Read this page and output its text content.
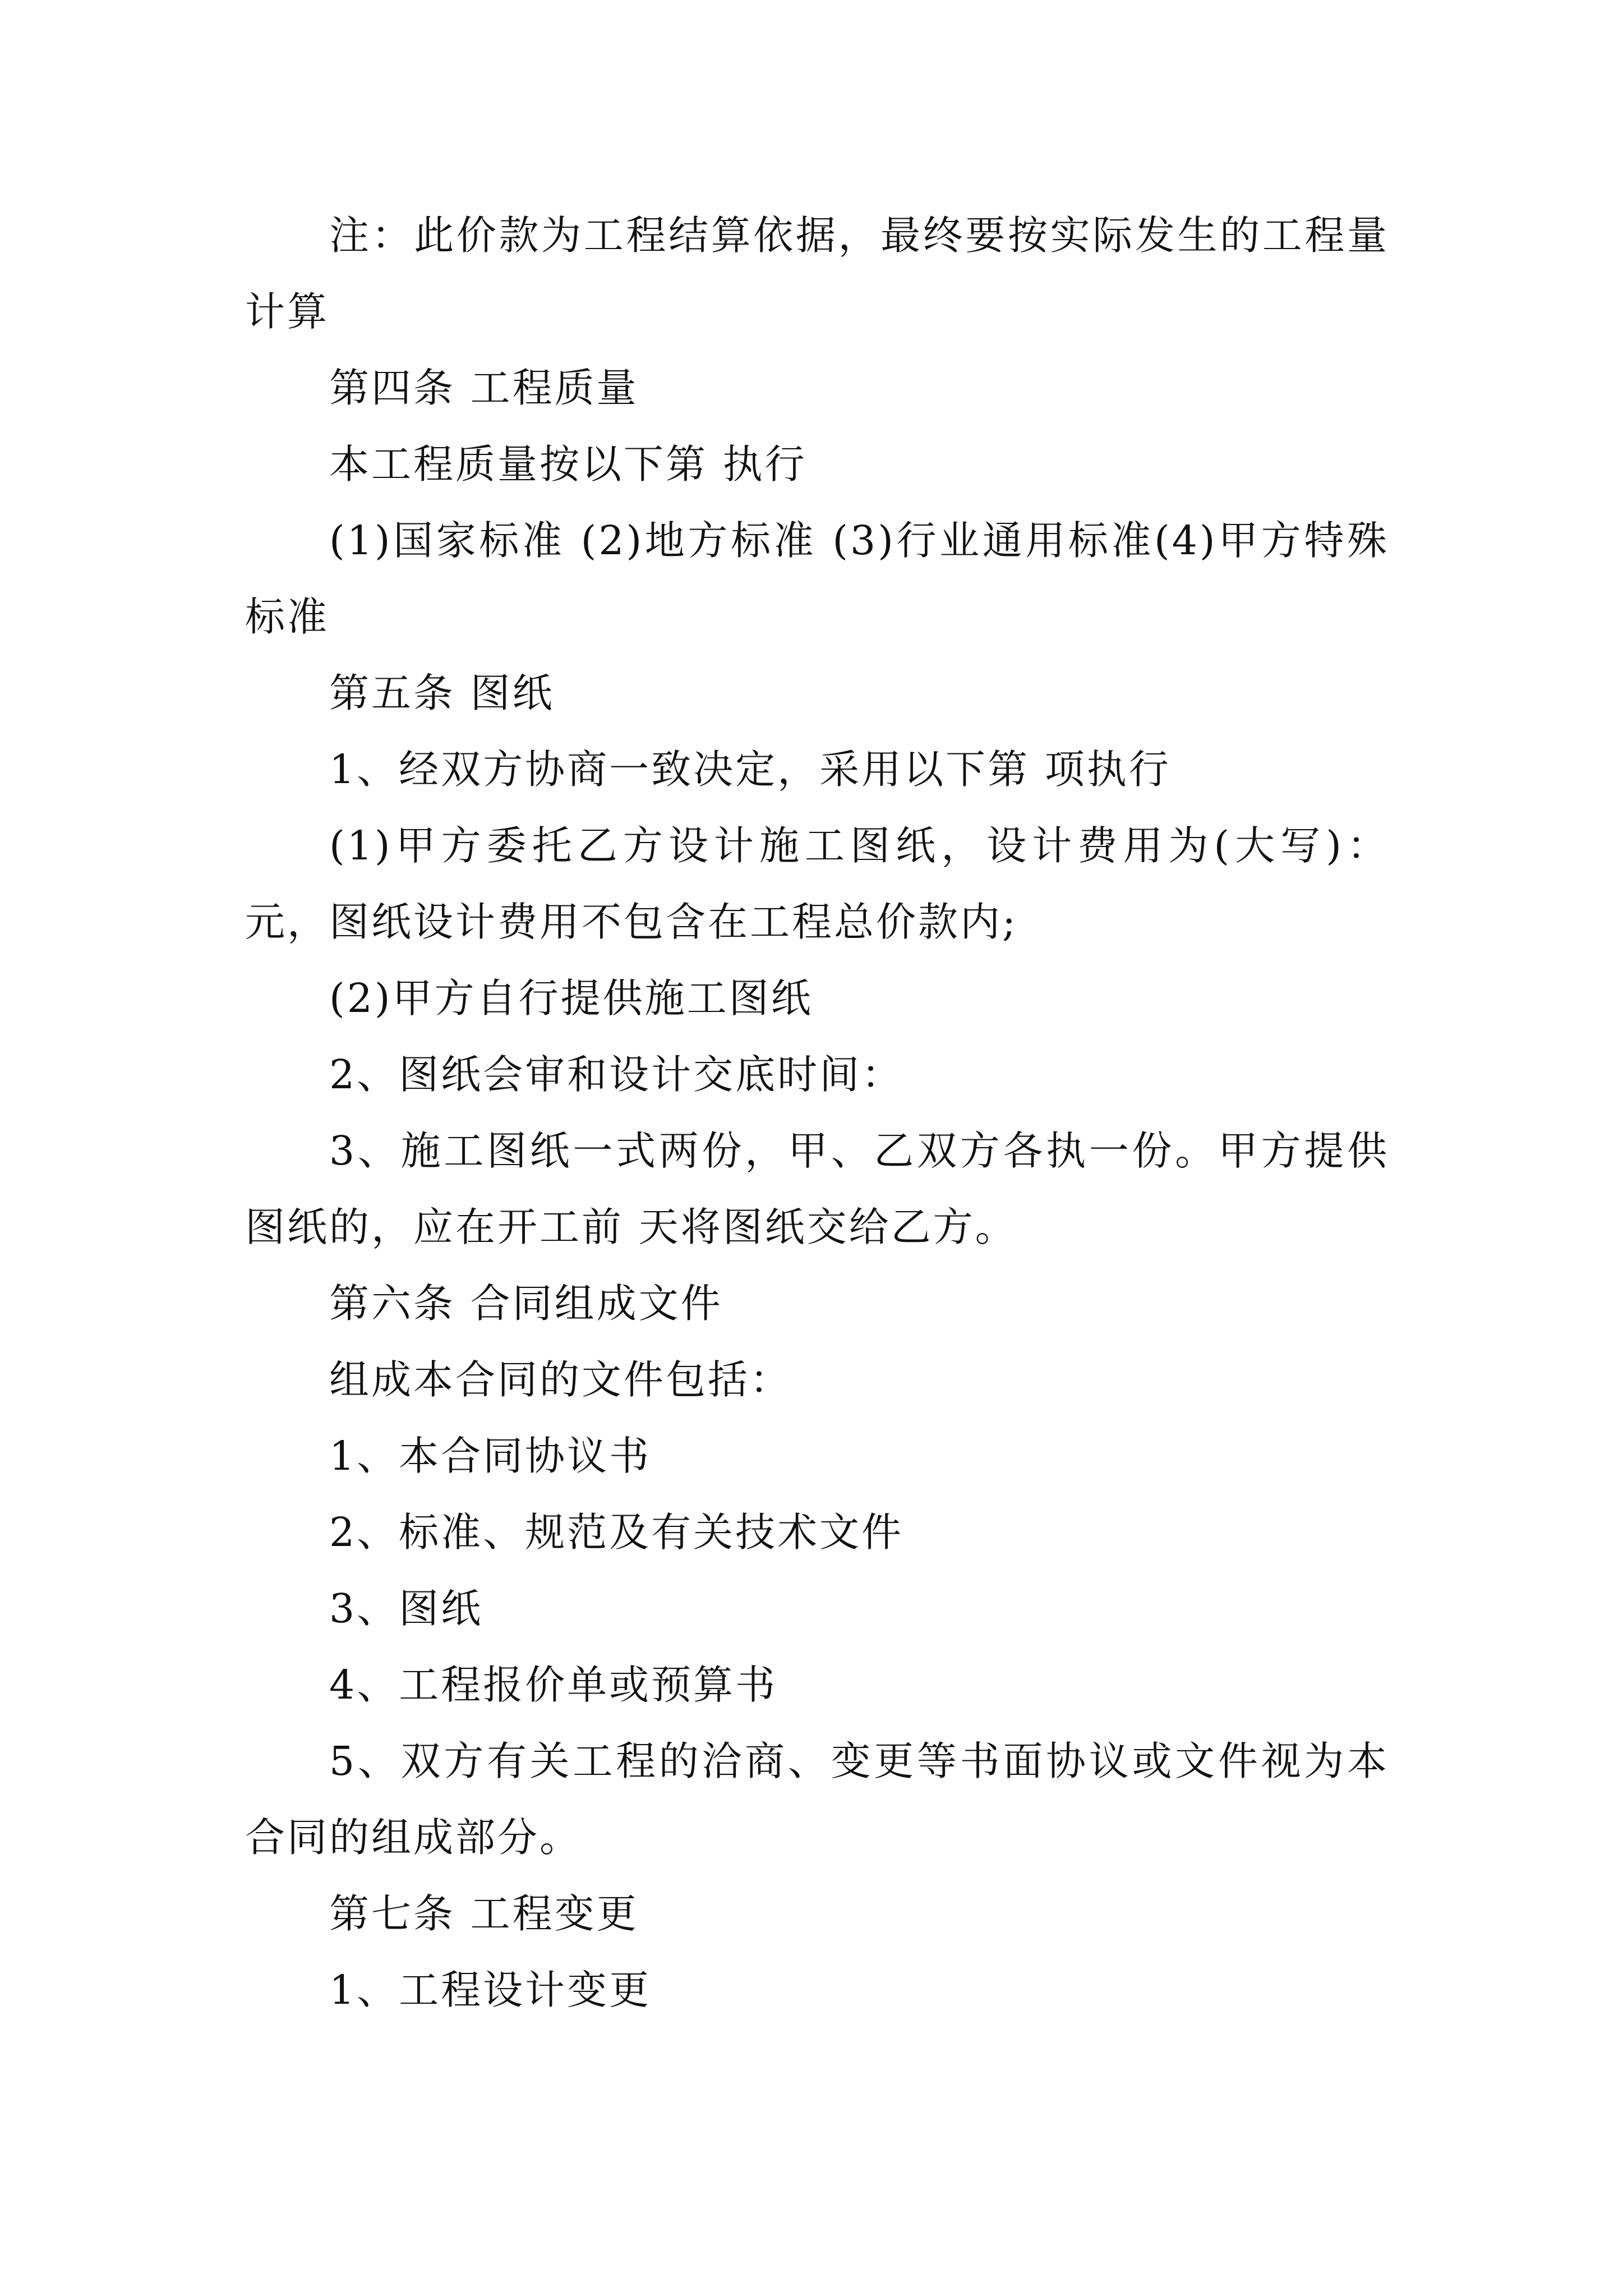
注：此价款为工程结算依据，最终要按实际发生的工程量计算

第四条 工程质量

本工程质量按以下第 执行

(1)国家标准 (2)地方标准 (3)行业通用标准(4)甲方特殊标准

第五条 图纸

1、经双方协商一致决定，采用以下第 项执行

(1)甲方委托乙方设计施工图纸，设计费用为(大写)：元，图纸设计费用不包含在工程总价款内;

(2)甲方自行提供施工图纸

2、图纸会审和设计交底时间：

3、施工图纸一式两份，甲、乙双方各执一份。甲方提供图纸的，应在开工前 天将图纸交给乙方。

第六条 合同组成文件

组成本合同的文件包括：

1、本合同协议书

2、标准、规范及有关技术文件

3、图纸

4、工程报价单或预算书

5、双方有关工程的洽商、变更等书面协议或文件视为本合同的组成部分。

第七条 工程变更

1、工程设计变更
